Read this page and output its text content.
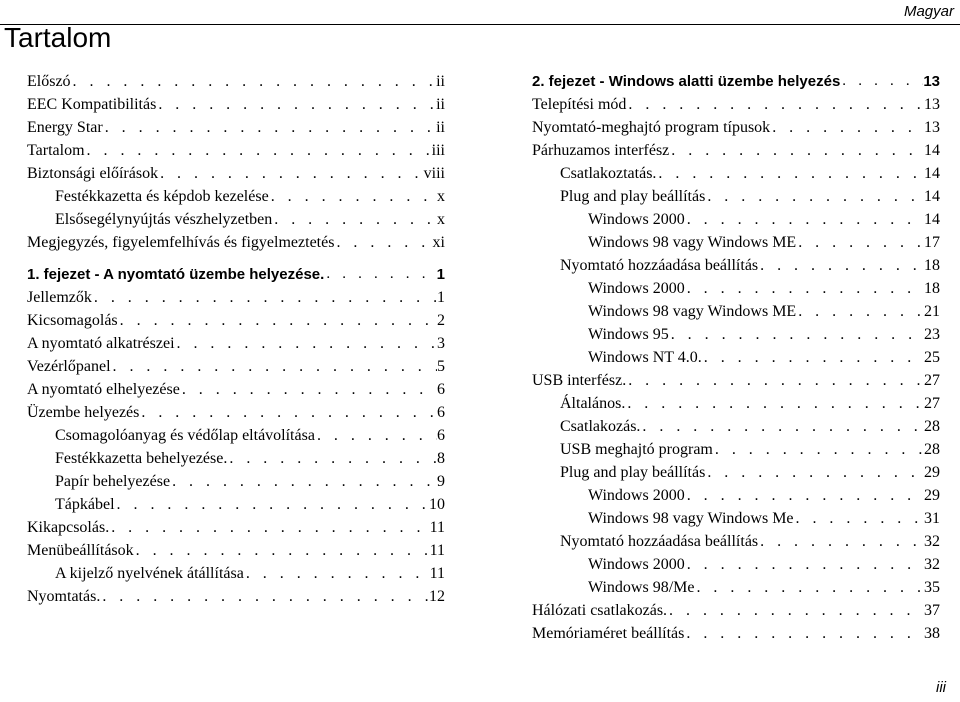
Magyar
Tartalom
Előszó . . .	ii
EEC Kompatibilitás . . .	ii
Energy Star . . .	ii
Tartalom . . .	iii
Biztonsági előírások . . .	viii
Festékkazetta és képdob kezelése . . .	x
Elsősegélynyújtás vészhelyzetben . . .	x
Megjegyzés, figyelemfelhívás és figyelmeztetés . . .	xi
1. fejezet - A nyomtató üzembe helyezése. . . .	1
Jellemzők . . .	1
Kicsomagolás . . .	2
A nyomtató alkatrészei . . .	3
Vezérlőpanel . . .	5
A nyomtató elhelyezése . . .	6
Üzembe helyezés . . .	6
Csomagolóanyag és védőlap eltávolítása . . .	6
Festékkazetta behelyezése. . . .	8
Papír behelyezése . . .	9
Tápkábel . . .	10
Kikapcsolás. . . .	11
Menübeállítások . . .	11
A kijelző nyelvének átállítása . . .	11
Nyomtatás. . . .	12
2. fejezet - Windows alatti üzembe helyezés . . .	13
Telepítési mód . . .	13
Nyomtató-meghajtó program típusok . . .	13
Párhuzamos interfész . . .	14
Csatlakoztatás. . . .	14
Plug and play beállítás . . .	14
Windows 2000 . . .	14
Windows 98 vagy Windows ME . . .	17
Nyomtató hozzáadása beállítás . . .	18
Windows 2000 . . .	18
Windows 98 vagy Windows ME . . .	21
Windows 95 . . .	23
Windows NT 4.0. . . .	25
USB interfész. . . .	27
Általános. . . .	27
Csatlakozás. . . .	28
USB meghajtó program . . .	28
Plug and play beállítás . . .	29
Windows 2000 . . .	29
Windows 98 vagy Windows Me . . .	31
Nyomtató hozzáadása beállítás . . .	32
Windows 2000 . . .	32
Windows 98/Me . . .	35
Hálózati csatlakozás. . . .	37
Memóriaméret beállítás . . .	38
iii
